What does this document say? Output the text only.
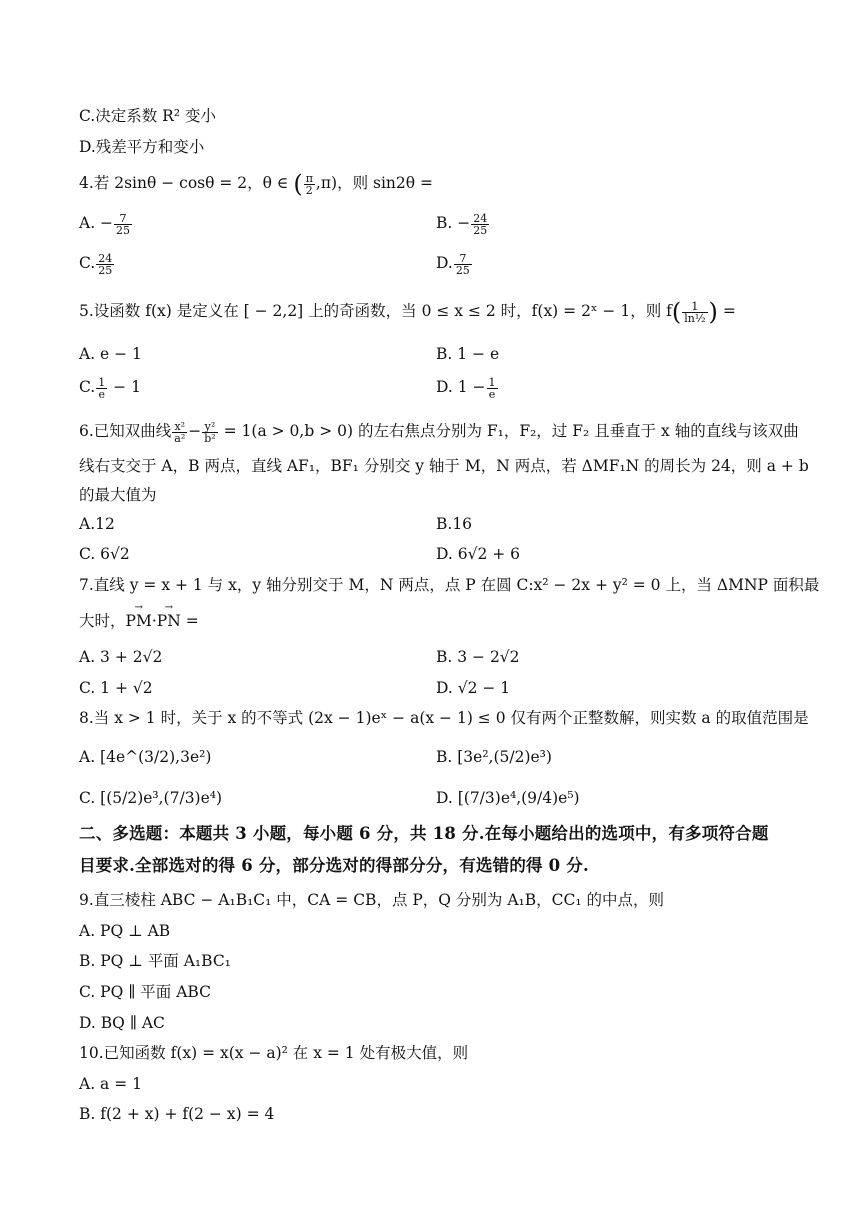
C.决定系数 R² 变小
D.残差平方和变小
4.若 2sinθ − cosθ = 2，θ ∈ ( $\frac{\pi}{2} ,\pi$)，则 sin2θ =
A. − $\frac{7}{25}$	B. − $\frac{24}{25}$
C. $\frac{24}{25}$	D. $\frac{7}{25}$
5.设函数 f(x) 是定义在 [ − 2,2] 上的奇函数，当 0 ≤ x ≤ 2 时，f(x) = 2ˣ − 1，则 $f( \frac{1}{\text{ln½}}$ ) =
A. e − 1	B. 1 − e
C. $\frac{1}{e} - 1$	D. $1 - \frac{1}{e}$
6.已知双曲线 $\frac{\text{x²}}{\text{a²}} - \frac{\text{y²}}{\text{b²}} = 1(a > 0,b > 0)$ 的左右焦点分别为 F₁，F₂，过 F₂ 且垂直于 x 轴的直线与该双曲
线右支交于 A，B 两点，直线 AF₁，BF₁ 分别交 y 轴于 M，N 两点，若 ΔMF₁N 的周长为 24，则 a + b
的最大值为
A.12	B.16
C. 6√2	D. 6√2 + 6
7.直线 y = x + 1 与 x，y 轴分别交于 M，N 两点，点 P 在圆 C:x² − 2x + y² = 0 上，当 ΔMNP 面积最
大时，→ PM·→ PN =
A. 3 + 2√2	B. 3 − 2√2
C. 1 + √2	D. √2 − 1
8.当 x > 1 时，关于 x 的不等式 (2x − 1)eˣ − a(x − 1) ≤ 0 仅有两个正整数解，则实数 a 的取值范围是
A. [4e^(3/2),3e²)	B. [3e²,(5/2)e³)
C. [(5/2)e³,(7/3)e⁴)	D. [(7/3)e⁴,(9/4)e⁵)
二、多选题：本题共 3 小题，每小题 6 分，共 18 分.在每小题给出的选项中，有多项符合题
目要求.全部选对的得 6 分，部分选对的得部分分，有选错的得 0 分.
9.直三棱柱 ABC − A₁B₁C₁ 中，CA = CB，点 P，Q 分别为 A₁B，CC₁ 的中点，则
A. PQ ⊥ AB
B. PQ ⊥ 平面 A₁BC₁
C. PQ ∥ 平面 ABC
D. BQ ∥ AC
10.已知函数 f(x) = x(x − a)² 在 x = 1 处有极大值，则
A. a = 1
B. f(2 + x) + f(2 − x) = 4
